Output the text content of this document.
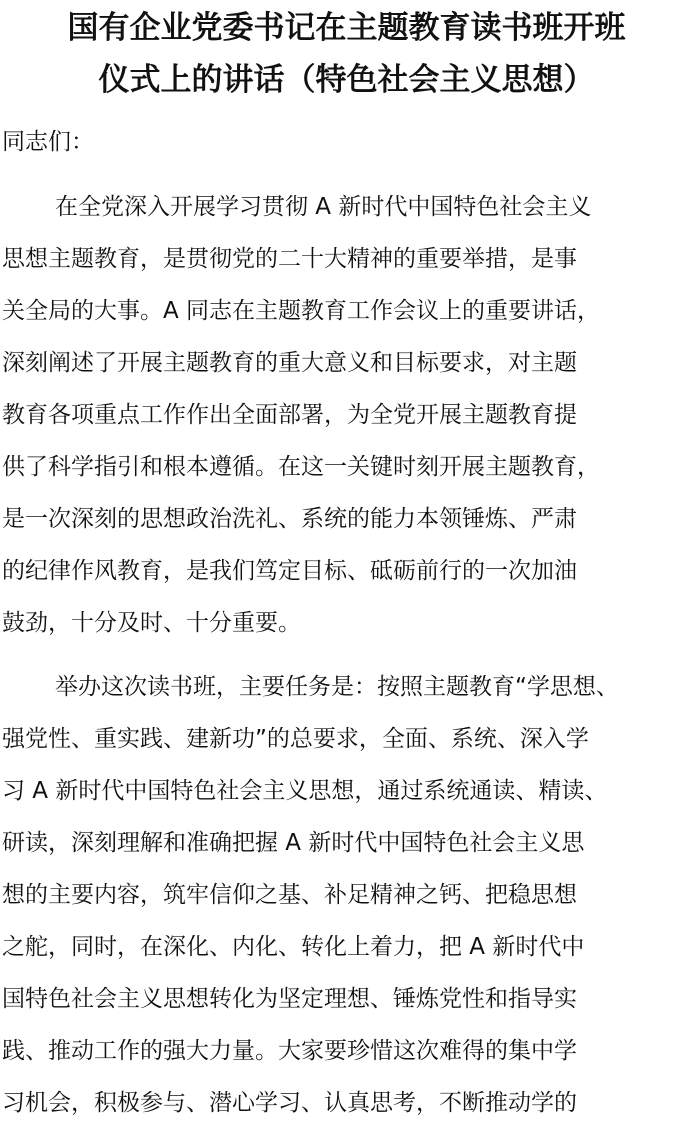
国有企业党委书记在主题教育读书班开班
仪式上的讲话（特色社会主义思想）
同志们：
在全党深入开展学习贯彻 A 新时代中国特色社会主义
思想主题教育，是贯彻党的二十大精神的重要举措，是事
关全局的大事。A 同志在主题教育工作会议上的重要讲话，
深刻阐述了开展主题教育的重大意义和目标要求，对主题
教育各项重点工作作出全面部署，为全党开展主题教育提
供了科学指引和根本遵循。在这一关键时刻开展主题教育，
是一次深刻的思想政治洗礼、系统的能力本领锤炼、严肃
的纪律作风教育，是我们笃定目标、砥砺前行的一次加油
鼓劲，十分及时、十分重要。
举办这次读书班，主要任务是：按照主题教育“学思想、
强党性、重实践、建新功”的总要求，全面、系统、深入学
习 A 新时代中国特色社会主义思想，通过系统通读、精读、
研读，深刻理解和准确把握 A 新时代中国特色社会主义思
想的主要内容，筑牢信仰之基、补足精神之钙、把稳思想
之舵，同时，在深化、内化、转化上着力，把 A 新时代中
国特色社会主义思想转化为坚定理想、锤炼党性和指导实
践、推动工作的强大力量。大家要珍惜这次难得的集中学
习机会，积极参与、潜心学习、认真思考，不断推动学的
